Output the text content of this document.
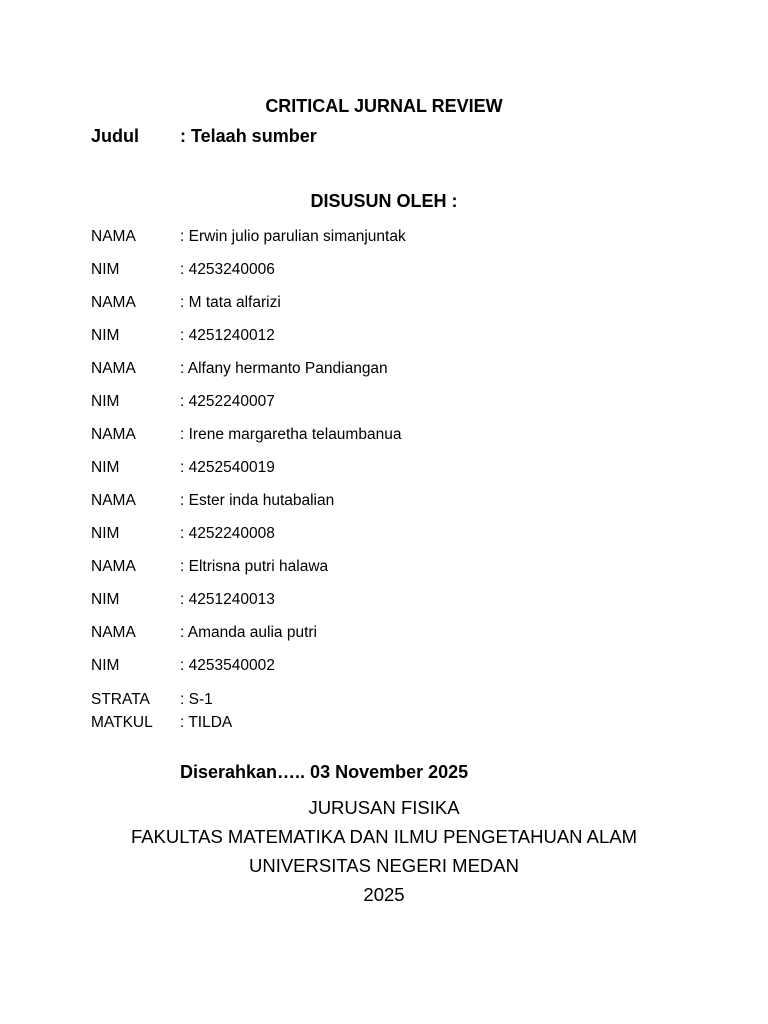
CRITICAL JURNAL REVIEW
Judul : Telaah sumber
DISUSUN OLEH :
NAMA	: Erwin julio parulian simanjuntak
NIM	: 4253240006
NAMA	: M tata alfarizi
NIM	: 4251240012
NAMA	: Alfany hermanto Pandiangan
NIM	: 4252240007
NAMA	: Irene margaretha telaumbanua
NIM	: 4252540019
NAMA	: Ester inda hutabalian
NIM	: 4252240008
NAMA	: Eltrisna putri halawa
NIM	: 4251240013
NAMA	: Amanda aulia putri
NIM	: 4253540002
STRATA : S-1
MATKUL : TILDA
Diserahkan….. 03 November 2025
JURUSAN FISIKA
FAKULTAS MATEMATIKA DAN ILMU PENGETAHUAN ALAM
UNIVERSITAS NEGERI MEDAN
2025
